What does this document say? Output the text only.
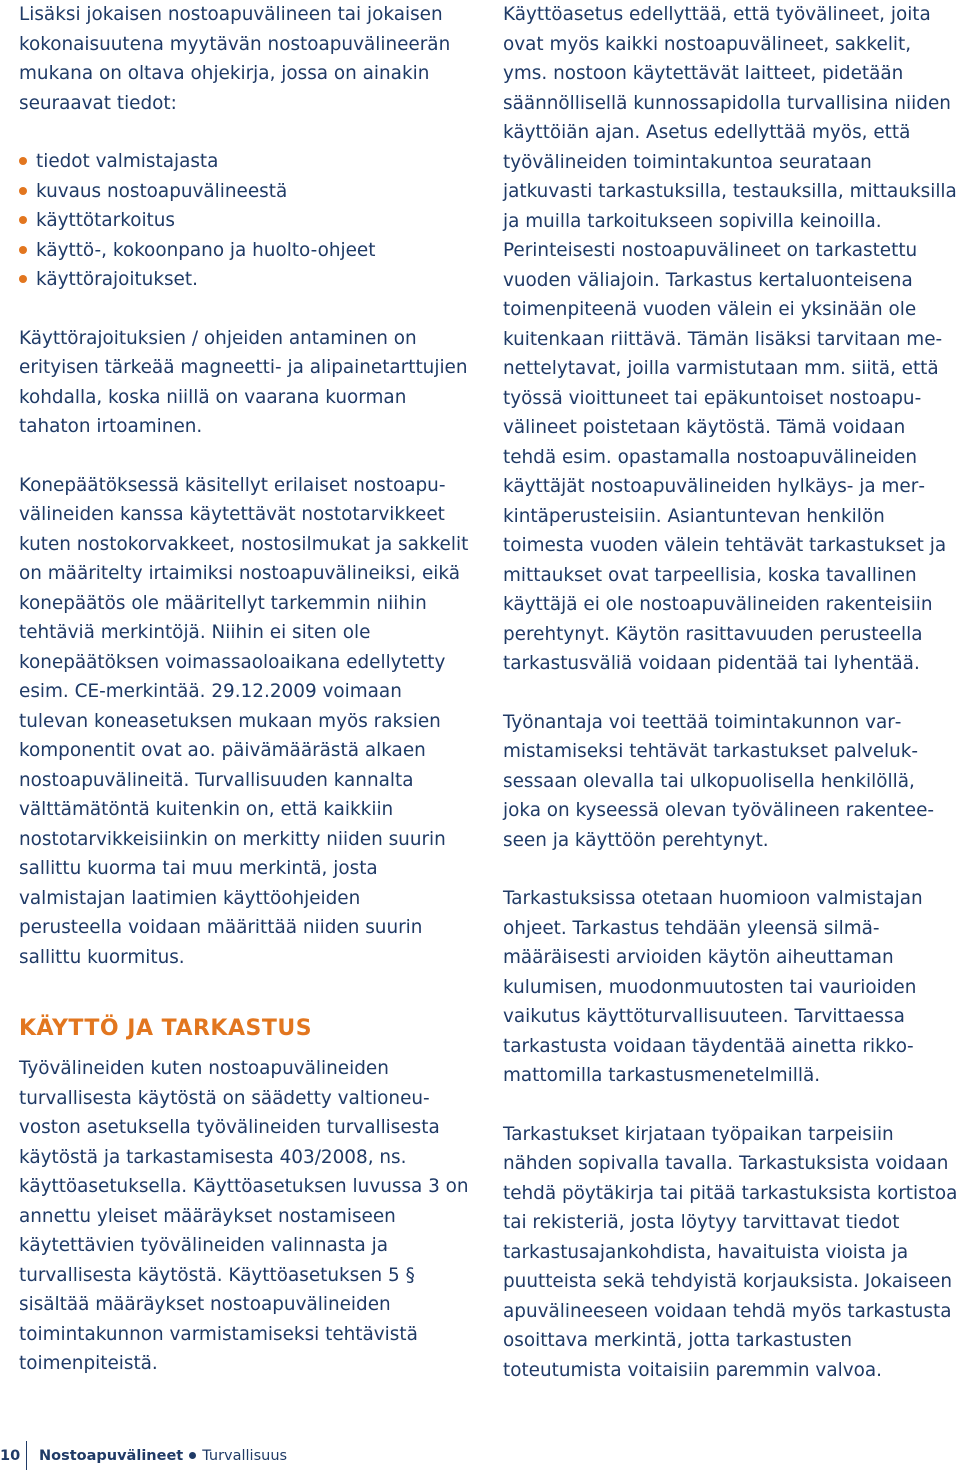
Lisäksi jokaisen nostoapuvälineen tai jokaisen kokonaisuutena myytävän nostoapuvälineerän mukana on oltava ohjekirja, jossa on ainakin seuraavat tiedot:

tiedot valmistajasta
kuvaus nostoapuvälineestä
käyttötarkoitus
käyttö-, kokoonpano ja huolto-ohjeet
käyttörajoitukset.

Käyttörajoituksien / ohjeiden antaminen on erityisen tärkeää magneetti- ja alipainetarttujien kohdalla, koska niillä on vaarana kuorman tahaton irtoaminen.

Konepäätöksessä käsitellyt erilaiset nostoapuvälineiden kanssa käytettävät nostotarvikkeet kuten nostokorvakkeet, nostosilmukat ja sakkelit on määritelty irtaimiksi nostoapuvälineiksi, eikä konepäätös ole määritellyt tarkemmin niihin tehtäviä merkintöjä. Niihin ei siten ole konepäätöksen voimassaoloaikana edellytetty esim. CE-merkintää. 29.12.2009 voimaan tulevan koneasetuksen mukaan myös raksien komponentit ovat ao. päivämäärästä alkaen nostoapuvälineitä. Turvallisuuden kannalta välttämätöntä kuitenkin on, että kaikkiin nostotarvikkeisiinkin on merkitty niiden suurin sallittu kuorma tai muu merkintä, josta valmistajan laatimien käyttöohjeiden perusteella voidaan määrittää niiden suurin sallittu kuormitus.

KÄYTTÖ JA TARKASTUS

Työvälineiden kuten nostoapuvälineiden turvallisesta käytöstä on säädetty valtioneuvoston asetuksella työvälineiden turvallisesta käytöstä ja tarkastamisesta 403/2008, ns. käyttöasetuksella. Käyttöasetuksen luvussa 3 on annettu yleiset määräykset nostamiseen käytettävien työvälineiden valinnasta ja turvallisesta käytöstä. Käyttöasetuksen 5 § sisältää määräykset nostoapuvälineiden toimintakunnon varmistamiseksi tehtävistä toimenpiteistä.

Käyttöasetus edellyttää, että työvälineet, joita ovat myös kaikki nostoapuvälineet, sakkelit, yms. nostoon käytettävät laitteet, pidetään säännöllisellä kunnossapidolla turvallisina niiden käyttöiän ajan. Asetus edellyttää myös, että työvälineiden toimintakuntoa seurataan jatkuvasti tarkastuksilla, testauksilla, mittauksilla ja muilla tarkoitukseen sopivilla keinoilla. Perinteisesti nostoapuvälineet on tarkastettu vuoden väliajoin. Tarkastus kertaluonteisena toimenpiteenä vuoden välein ei yksinään ole kuitenkaan riittävä. Tämän lisäksi tarvitaan menettelytavat, joilla varmistutaan mm. siitä, että työssä vioittuneet tai epäkuntoiset nostoapuvälineet poistetaan käytöstä. Tämä voidaan tehdä esim. opastamalla nostoapuvälineiden käyttäjät nostoapuvälineiden hylkäys- ja merkintäperusteisiin. Asiantuntevan henkilön toimesta vuoden välein tehtävät tarkastukset ja mittaukset ovat tarpeellisia, koska tavallinen käyttäjä ei ole nostoapuvälineiden rakenteisiin perehtynyt. Käytön rasittavuuden perusteella tarkastusväliä voidaan pidentää tai lyhentää.

Työnantaja voi teettää toimintakunnon varmistamiseksi tehtävät tarkastukset palveluksessaan olevalla tai ulkopuolisella henkilöllä, joka on kyseessä olevan työvälineen rakenteeseen ja käyttöön perehtynyt.

Tarkastuksissa otetaan huomioon valmistajan ohjeet. Tarkastus tehdään yleensä silmämääräisesti arvioiden käytön aiheuttaman kulumisen, muodonmuutosten tai vaurioiden vaikutus käyttöturvallisuuteen. Tarvittaessa tarkastusta voidaan täydentää ainetta rikkomattomilla tarkastusmenetelmillä.

Tarkastukset kirjataan työpaikan tarpeisiin nähden sopivalla tavalla. Tarkastuksista voidaan tehdä pöytäkirja tai pitää tarkastuksista kortistoa tai rekisteriä, josta löytyy tarvittavat tiedot tarkastusajankohdista, havaituista vioista ja puutteista sekä tehdyistä korjauksista. Jokaiseen apuvälineeseen voidaan tehdä myös tarkastusta osoittava merkintä, jotta tarkastusten toteutumista voitaisiin paremmin valvoa.

10 Nostoapuvälineet Turvallisuus
